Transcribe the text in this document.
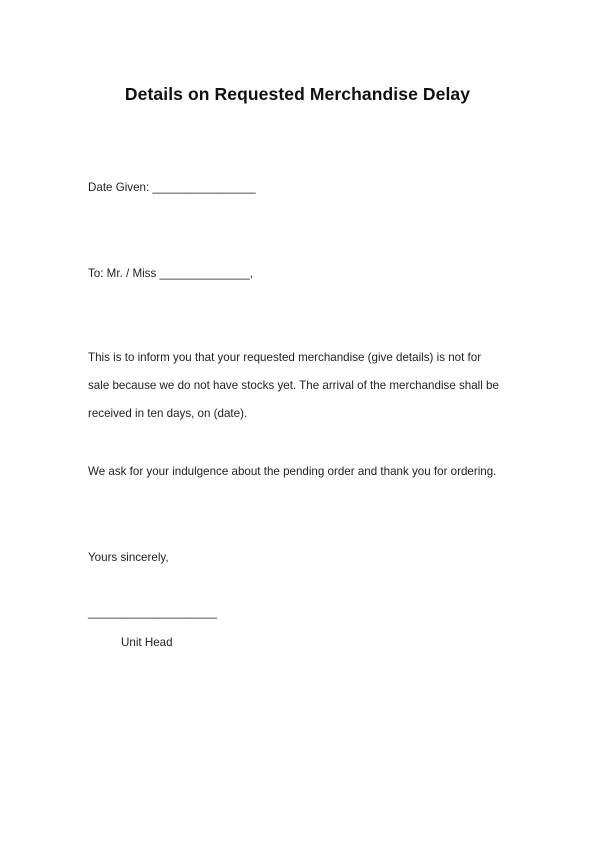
Details on Requested Merchandise Delay
Date Given: ________________
To: Mr. / Miss ______________,
This is to inform you that your requested merchandise (give details) is not for
sale because we do not have stocks yet. The arrival of the merchandise shall be
received in ten days, on (date).
We ask for your indulgence about the pending order and thank you for ordering.
Yours sincerely,
____________________
Unit Head
